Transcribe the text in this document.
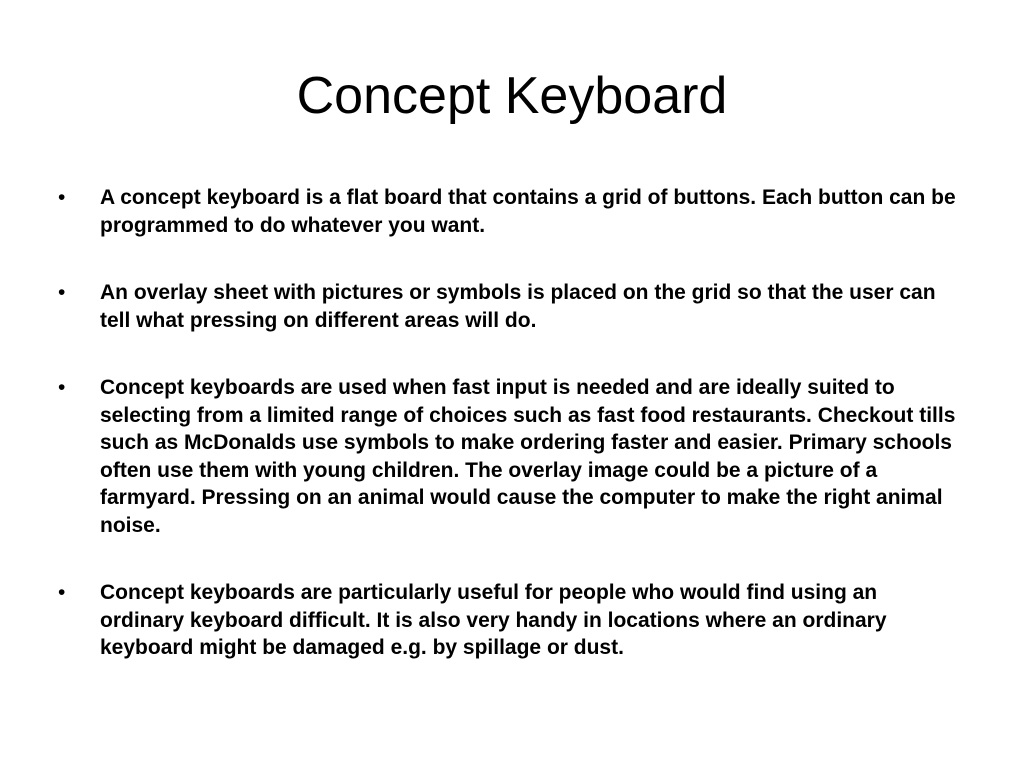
Concept Keyboard
• A concept keyboard is a flat board that contains a grid of buttons. Each button can be programmed to do whatever you want.
• An overlay sheet with pictures or symbols is placed on the grid so that the user can tell what pressing on different areas will do.
• Concept keyboards are used when fast input is needed and are ideally suited to selecting from a limited range of choices such as fast food restaurants. Checkout tills such as McDonalds use symbols to make ordering faster and easier. Primary schools often use them with young children. The overlay image could be a picture of a farmyard. Pressing on an animal would cause the computer to make the right animal noise.
• Concept keyboards are particularly useful for people who would find using an ordinary keyboard difficult. It is also very handy in locations where an ordinary keyboard might be damaged e.g. by spillage or dust.
